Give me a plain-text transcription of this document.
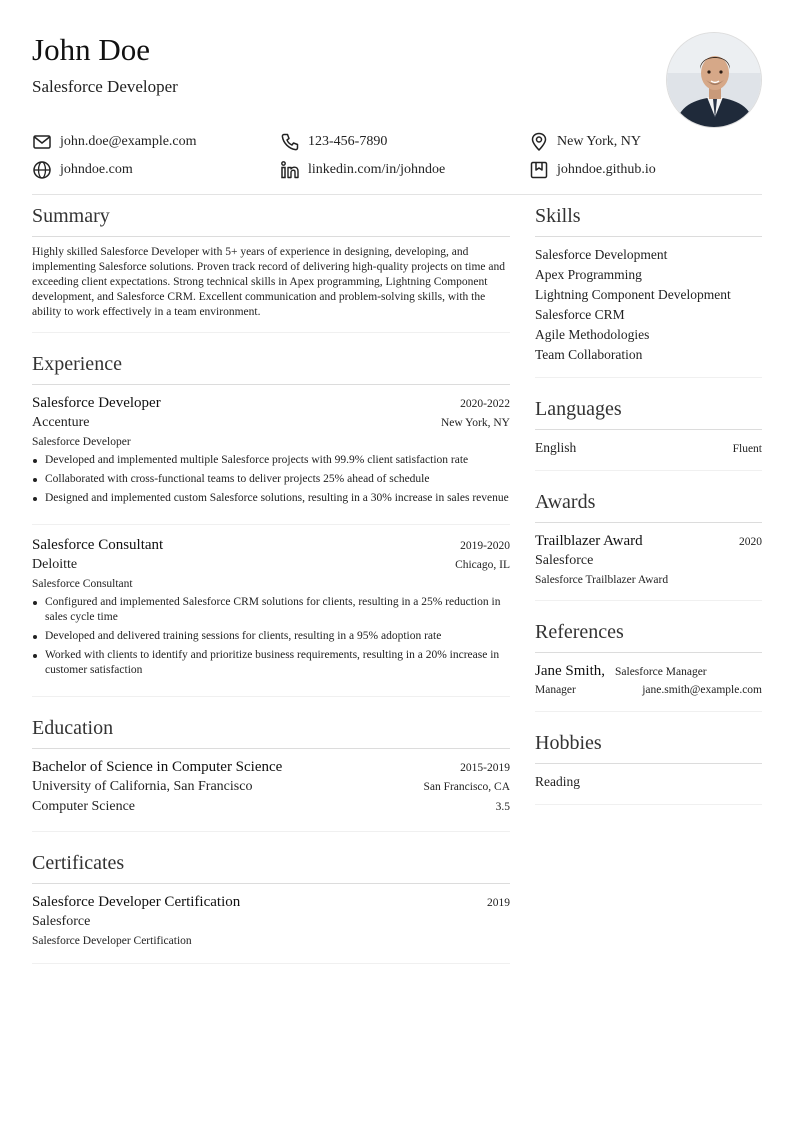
John Doe
Salesforce Developer
john.doe@example.com	123-456-7890	New York, NY
johndoe.com	linkedin.com/in/johndoe	johndoe.github.io
Summary

Highly skilled Salesforce Developer with 5+ years of experience in designing, developing, and implementing Salesforce solutions. Proven track record of delivering high-quality projects on time and exceeding client expectations. Strong technical skills in Apex programming, Lightning Component development, and Salesforce CRM. Excellent communication and problem-solving skills, with the ability to work effectively in a team environment.

Experience
Salesforce Developer	2020-2022
Accenture	New York, NY
Salesforce Developer
Developed and implemented multiple Salesforce projects with 99.9% client satisfaction rate
Collaborated with cross-functional teams to deliver projects 25% ahead of schedule
Designed and implemented custom Salesforce solutions, resulting in a 30% increase in sales revenue
Salesforce Consultant	2019-2020
Deloitte	Chicago, IL
Salesforce Consultant
Configured and implemented Salesforce CRM solutions for clients, resulting in a 25% reduction in sales cycle time
Developed and delivered training sessions for clients, resulting in a 95% adoption rate
Worked with clients to identify and prioritize business requirements, resulting in a 20% increase in customer satisfaction
Education
Bachelor of Science in Computer Science	2015-2019
University of California, San Francisco	San Francisco, CA
Computer Science	3.5
Certificates
Salesforce Developer Certification	2019
Salesforce
Salesforce Developer Certification
Skills
Salesforce Development
Apex Programming
Lightning Component Development
Salesforce CRM
Agile Methodologies
Team Collaboration
Languages
English	Fluent
Awards
Trailblazer Award	2020
Salesforce
Salesforce Trailblazer Award
References
Jane Smith, Salesforce Manager
Manager	jane.smith@example.com
Hobbies
Reading
